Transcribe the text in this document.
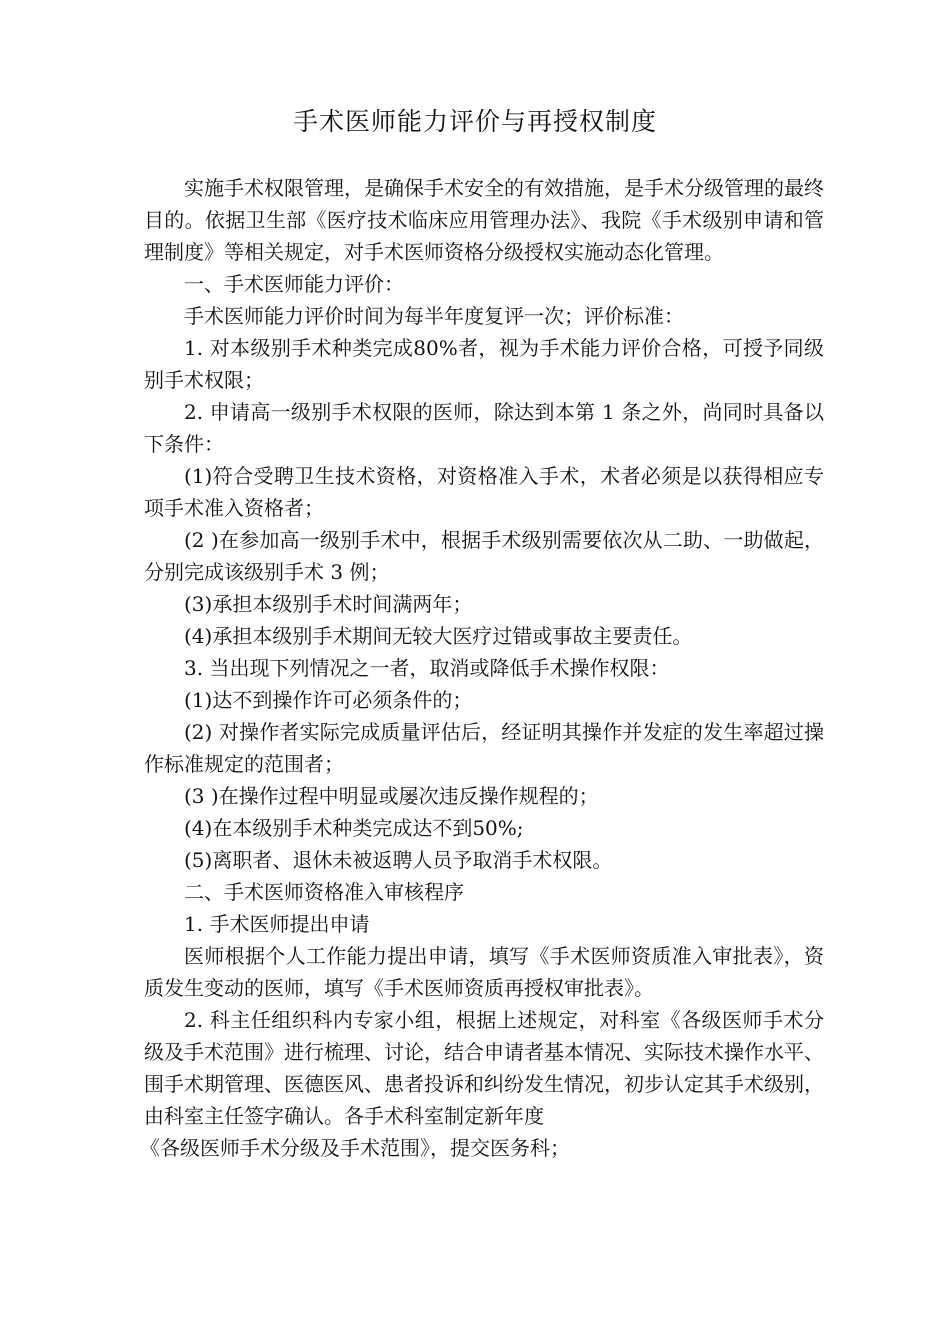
手术医师能力评价与再授权制度

实施手术权限管理，是确保手术安全的有效措施，是手术分级管理的最终目的。依据卫生部《医疗技术临床应用管理办法》、我院《手术级别申请和管理制度》等相关规定，对手术医师资格分级授权实施动态化管理。

一、手术医师能力评价：

手术医师能力评价时间为每半年度复评一次；评价标准：

1. 对本级别手术种类完成80%者，视为手术能力评价合格，可授予同级别手术权限；

2. 申请高一级别手术权限的医师，除达到本第 1 条之外，尚同时具备以下条件：

(1)符合受聘卫生技术资格，对资格准入手术，术者必须是以获得相应专项手术准入资格者；

(2 )在参加高一级别手术中，根据手术级别需要依次从二助、一助做起，分别完成该级别手术 3 例；

(3)承担本级别手术时间满两年；

(4)承担本级别手术期间无较大医疗过错或事故主要责任。

3. 当出现下列情况之一者，取消或降低手术操作权限：

(1)达不到操作许可必须条件的；

(2) 对操作者实际完成质量评估后，经证明其操作并发症的发生率超过操作标准规定的范围者；

(3 )在操作过程中明显或屡次违反操作规程的；

(4)在本级别手术种类完成达不到50%;

(5)离职者、退休未被返聘人员予取消手术权限。

二、手术医师资格准入审核程序

1. 手术医师提出申请

医师根据个人工作能力提出申请，填写《手术医师资质准入审批表》，资质发生变动的医师，填写《手术医师资质再授权审批表》。

2. 科主任组织科内专家小组，根据上述规定，对科室《各级医师手术分级及手术范围》进行梳理、讨论，结合申请者基本情况、实际技术操作水平、围手术期管理、医德医风、患者投诉和纠纷发生情况，初步认定其手术级别，由科室主任签字确认。各手术科室制定新年度

《各级医师手术分级及手术范围》，提交医务科；
